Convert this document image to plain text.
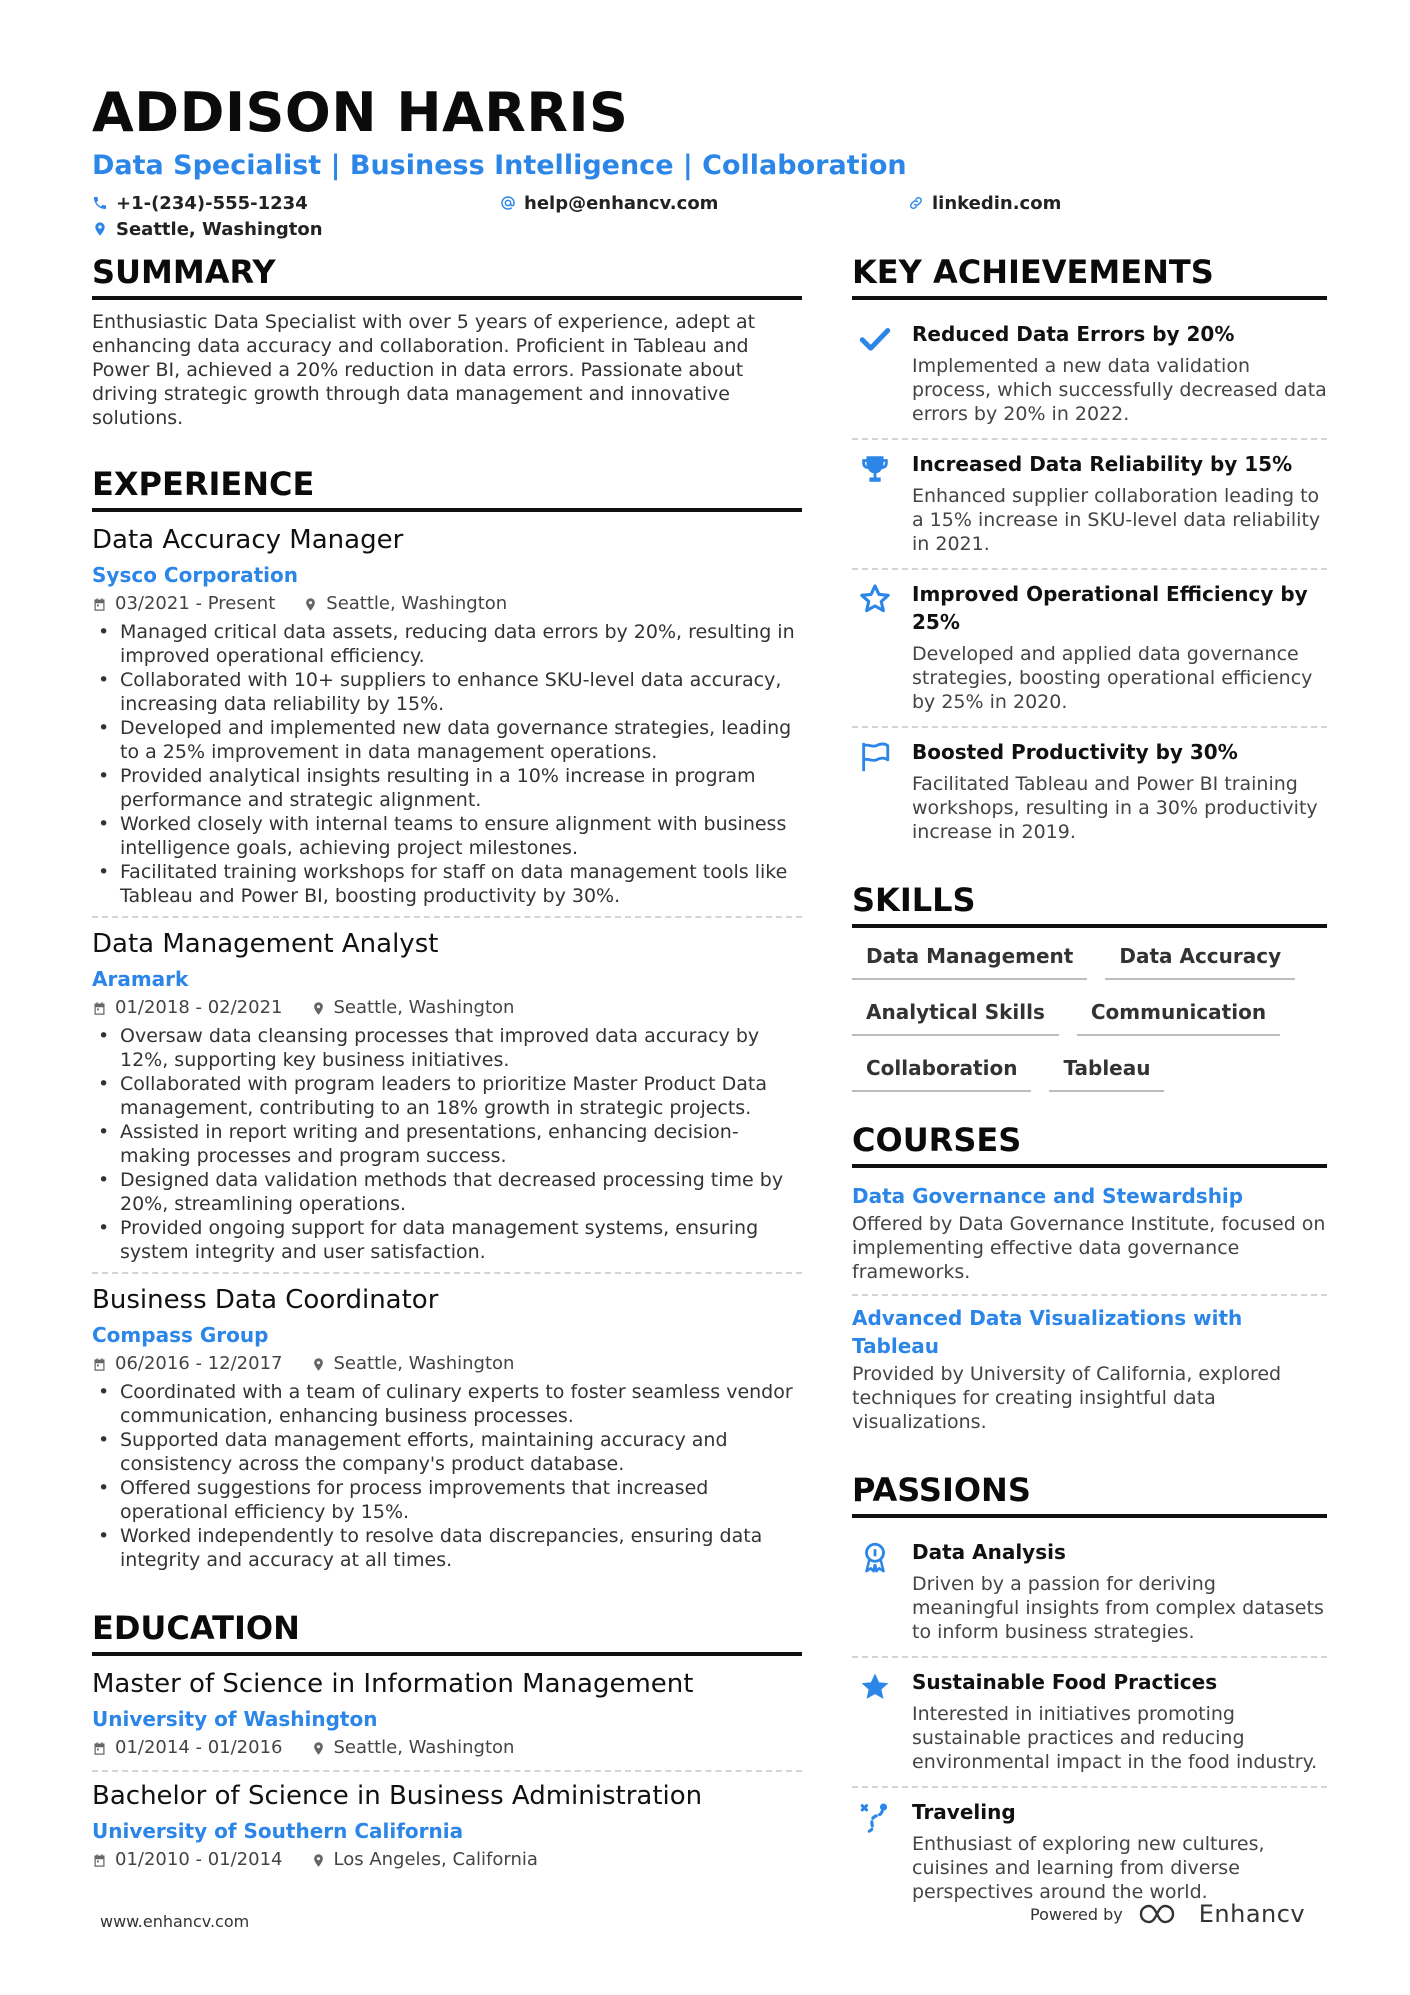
ADDISON HARRIS
Data Specialist | Business Intelligence | Collaboration
+1-(234)-555-1234	help@enhancv.com	linkedin.com
Seattle, Washington
SUMMARY
Enthusiastic Data Specialist with over 5 years of experience, adept at enhancing data accuracy and collaboration. Proficient in Tableau and Power BI, achieved a 20% reduction in data errors. Passionate about driving strategic growth through data management and innovative solutions.
EXPERIENCE
Data Accuracy Manager
Sysco Corporation
03/2021 - Present	Seattle, Washington
• Managed critical data assets, reducing data errors by 20%, resulting in improved operational efficiency.
• Collaborated with 10+ suppliers to enhance SKU-level data accuracy, increasing data reliability by 15%.
• Developed and implemented new data governance strategies, leading to a 25% improvement in data management operations.
• Provided analytical insights resulting in a 10% increase in program performance and strategic alignment.
• Worked closely with internal teams to ensure alignment with business intelligence goals, achieving project milestones.
• Facilitated training workshops for staff on data management tools like Tableau and Power BI, boosting productivity by 30%.
Data Management Analyst
Aramark
01/2018 - 02/2021	Seattle, Washington
• Oversaw data cleansing processes that improved data accuracy by 12%, supporting key business initiatives.
• Collaborated with program leaders to prioritize Master Product Data management, contributing to an 18% growth in strategic projects.
• Assisted in report writing and presentations, enhancing decision-making processes and program success.
• Designed data validation methods that decreased processing time by 20%, streamlining operations.
• Provided ongoing support for data management systems, ensuring system integrity and user satisfaction.
Business Data Coordinator
Compass Group
06/2016 - 12/2017	Seattle, Washington
• Coordinated with a team of culinary experts to foster seamless vendor communication, enhancing business processes.
• Supported data management efforts, maintaining accuracy and consistency across the company's product database.
• Offered suggestions for process improvements that increased operational efficiency by 15%.
• Worked independently to resolve data discrepancies, ensuring data integrity and accuracy at all times.
EDUCATION
Master of Science in Information Management
University of Washington
01/2014 - 01/2016	Seattle, Washington
Bachelor of Science in Business Administration
University of Southern California
01/2010 - 01/2014	Los Angeles, California
KEY ACHIEVEMENTS
Reduced Data Errors by 20%
Implemented a new data validation process, which successfully decreased data errors by 20% in 2022.
Increased Data Reliability by 15%
Enhanced supplier collaboration leading to a 15% increase in SKU-level data reliability in 2021.
Improved Operational Efficiency by 25%
Developed and applied data governance strategies, boosting operational efficiency by 25% in 2020.
Boosted Productivity by 30%
Facilitated Tableau and Power BI training workshops, resulting in a 30% productivity increase in 2019.
SKILLS
Data Management	Data Accuracy
Analytical Skills	Communication
Collaboration	Tableau
COURSES
Data Governance and Stewardship
Offered by Data Governance Institute, focused on implementing effective data governance frameworks.
Advanced Data Visualizations with Tableau
Provided by University of California, explored techniques for creating insightful data visualizations.
PASSIONS
Data Analysis
Driven by a passion for deriving meaningful insights from complex datasets to inform business strategies.
Sustainable Food Practices
Interested in initiatives promoting sustainable practices and reducing environmental impact in the food industry.
Traveling
Enthusiast of exploring new cultures, cuisines and learning from diverse perspectives around the world.
www.enhancv.com	Powered by	Enhancv
